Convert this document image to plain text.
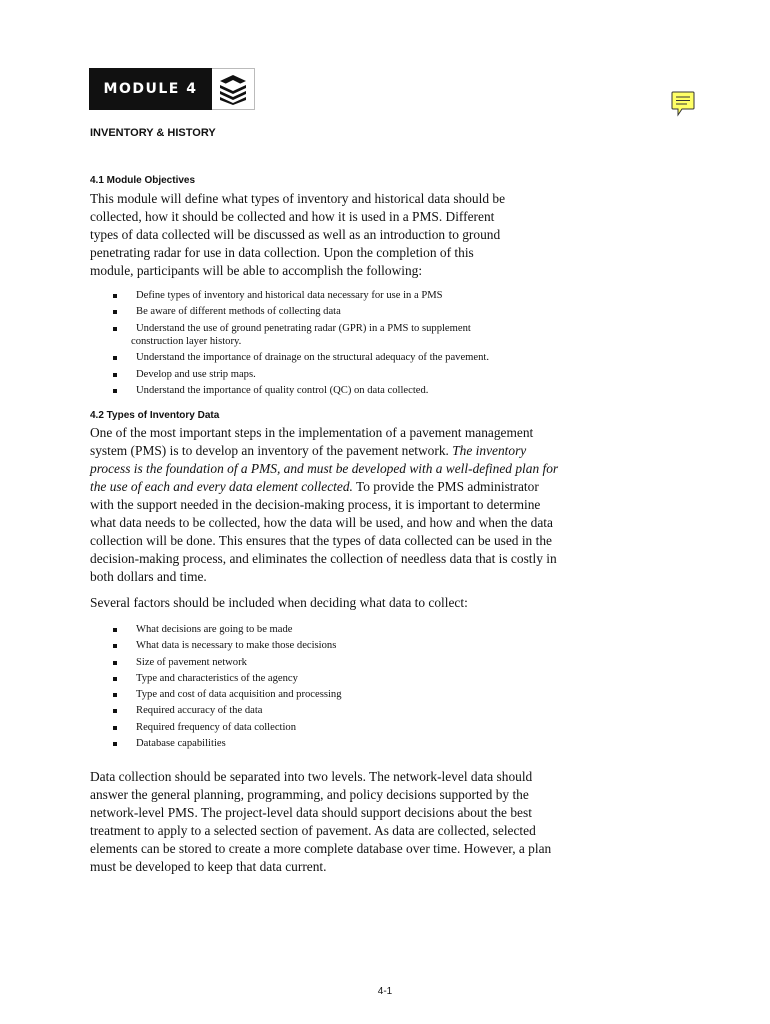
MODULE 4
INVENTORY & HISTORY
4.1 Module Objectives
This module will define what types of inventory and historical data should be
collected, how it should be collected and how it is used in a PMS. Different
types of data collected will be discussed as well as an introduction to ground
penetrating radar for use in data collection. Upon the completion of this
module, participants will be able to accomplish the following:
Define types of inventory and historical data necessary for use in a PMS
Be aware of different methods of collecting data
Understand the use of ground penetrating radar (GPR) in a PMS to supplement
construction layer history.
Understand the importance of drainage on the structural adequacy of the pavement.
Develop and use strip maps.
Understand the importance of quality control (QC) on data collected.
4.2 Types of Inventory Data
One of the most important steps in the implementation of a pavement management
system (PMS) is to develop an inventory of the pavement network. The inventory
process is the foundation of a PMS, and must be developed with a well-defined plan for
the use of each and every data element collected. To provide the PMS administrator
with the support needed in the decision-making process, it is important to determine
what data needs to be collected, how the data will be used, and how and when the data
collection will be done. This ensures that the types of data collected can be used in the
decision-making process, and eliminates the collection of needless data that is costly in
both dollars and time.
Several factors should be included when deciding what data to collect:
What decisions are going to be made
What data is necessary to make those decisions
Size of pavement network
Type and characteristics of the agency
Type and cost of data acquisition and processing
Required accuracy of the data
Required frequency of data collection
Database capabilities
Data collection should be separated into two levels. The network-level data should
answer the general planning, programming, and policy decisions supported by the
network-level PMS. The project-level data should support decisions about the best
treatment to apply to a selected section of pavement. As data are collected, selected
elements can be stored to create a more complete database over time. However, a plan
must be developed to keep that data current.
4-1
